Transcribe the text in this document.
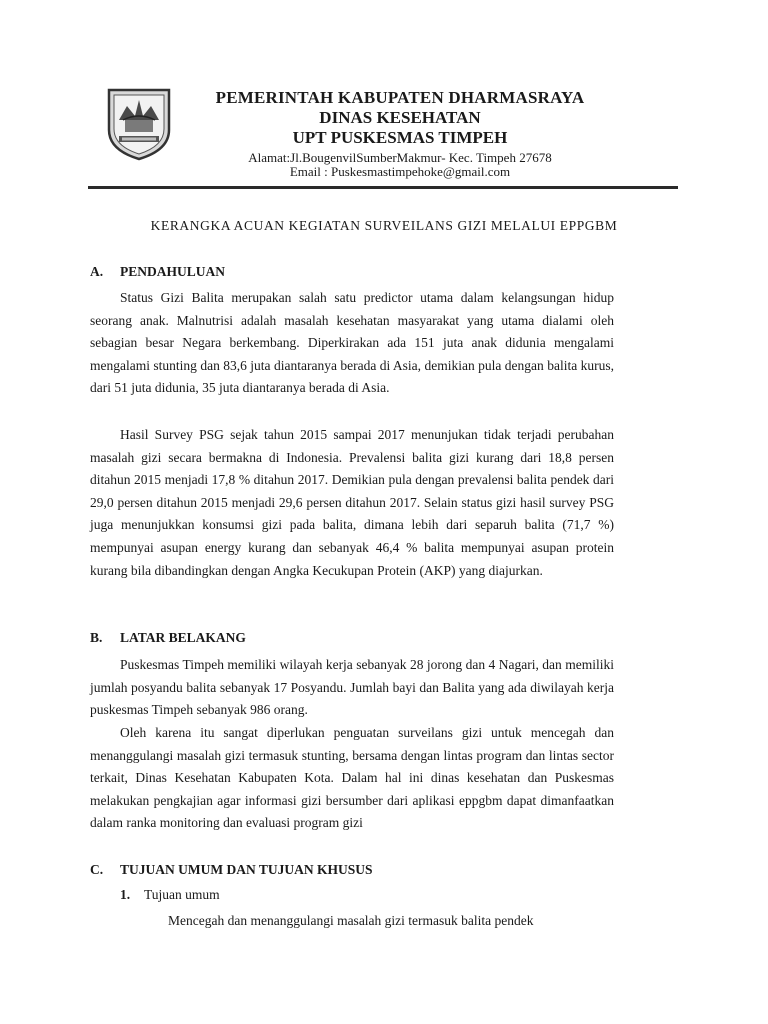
PEMERINTAH KABUPATEN DHARMASRAYA

DINAS KESEHATAN

UPT PUSKESMAS TIMPEH

Alamat:Jl.BougenvilSumberMakmur- Kec. Timpeh 27678

Email : Puskesmastimpehoke@gmail.com

KERANGKA ACUAN KEGIATAN SURVEILANS GIZI MELALUI EPPGBM
A. PENDAHULUAN

Status Gizi Balita merupakan salah satu predictor utama dalam kelangsungan hidup seorang anak. Malnutrisi adalah masalah kesehatan masyarakat yang utama dialami oleh sebagian besar Negara berkembang. Diperkirakan ada 151 juta anak didunia mengalami mengalami stunting dan 83,6 juta diantaranya berada di Asia, demikian pula dengan balita kurus, dari 51 juta didunia, 35 juta diantaranya berada di Asia.

Hasil Survey PSG sejak tahun 2015 sampai 2017 menunjukan tidak terjadi perubahan masalah gizi secara bermakna di Indonesia. Prevalensi balita gizi kurang dari 18,8 persen ditahun 2015 menjadi 17,8 % ditahun 2017. Demikian pula dengan prevalensi balita pendek dari 29,0 persen ditahun 2015 menjadi 29,6 persen ditahun 2017. Selain status gizi hasil survey PSG juga menunjukkan konsumsi gizi pada balita, dimana lebih dari separuh balita (71,7 %) mempunyai asupan energy kurang dan sebanyak 46,4 % balita mempunyai asupan protein kurang bila dibandingkan dengan Angka Kecukupan Protein (AKP) yang diajurkan.

B. LATAR BELAKANG

Puskesmas Timpeh memiliki wilayah kerja sebanyak 28 jorong dan 4 Nagari, dan memiliki jumlah posyandu balita sebanyak 17 Posyandu. Jumlah bayi dan Balita yang ada diwilayah kerja puskesmas Timpeh sebanyak 986 orang.

Oleh karena itu sangat diperlukan penguatan surveilans gizi untuk mencegah dan menanggulangi masalah gizi termasuk stunting, bersama dengan lintas program dan lintas sector terkait, Dinas Kesehatan Kabupaten Kota. Dalam hal ini dinas kesehatan dan Puskesmas melakukan pengkajian agar informasi gizi bersumber dari aplikasi eppgbm dapat dimanfaatkan dalam ranka monitoring dan evaluasi program gizi

C. TUJUAN UMUM DAN TUJUAN KHUSUS

1. Tujuan umum

Mencegah dan menanggulangi masalah gizi termasuk balita pendek
